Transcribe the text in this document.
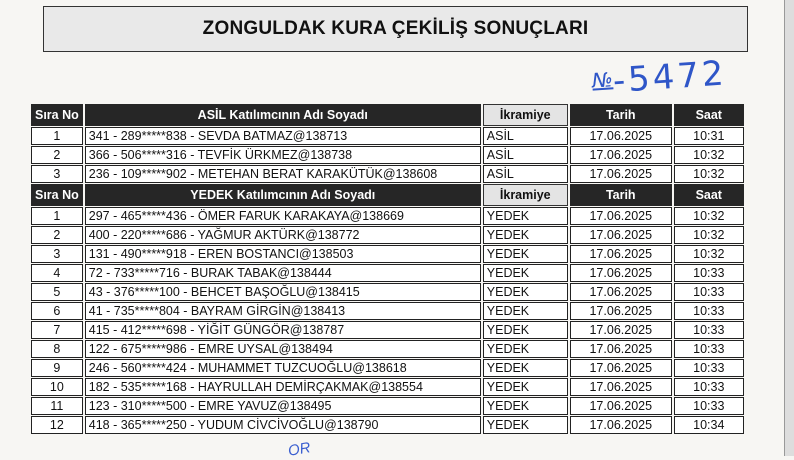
ZONGULDAK KURA ÇEKİLİŞ SONUÇLARI
№-5472
Sıra No	ASİL Katılımcının Adı Soyadı	İkramiye	Tarih	Saat
1	341 - 289*****838 - SEVDA BATMAZ@138713	ASİL	17.06.2025	10:31
2	366 - 506*****316 - TEVFİK ÜRKMEZ@138738	ASİL	17.06.2025	10:32
3	236 - 109*****902 - METEHAN BERAT KARAKÜTÜK@138608	ASİL	17.06.2025	10:32
Sıra No	YEDEK Katılımcının Adı Soyadı	İkramiye	Tarih	Saat
1	297 - 465*****436 - ÖMER FARUK KARAKAYA@138669	YEDEK	17.06.2025	10:32
2	400 - 220*****686 - YAĞMUR AKTÜRK@138772	YEDEK	17.06.2025	10:32
3	131 - 490*****918 - EREN BOSTANCI@138503	YEDEK	17.06.2025	10:32
4	72 - 733*****716 - BURAK TABAK@138444	YEDEK	17.06.2025	10:33
5	43 - 376*****100 - BEHCET BAŞOĞLU@138415	YEDEK	17.06.2025	10:33
6	41 - 735*****804 - BAYRAM GİRGİN@138413	YEDEK	17.06.2025	10:33
7	415 - 412*****698 - YİĞİT GÜNGÖR@138787	YEDEK	17.06.2025	10:33
8	122 - 675*****986 - EMRE UYSAL@138494	YEDEK	17.06.2025	10:33
9	246 - 560*****424 - MUHAMMET TUZCUOĞLU@138618	YEDEK	17.06.2025	10:33
10	182 - 535*****168 - HAYRULLAH DEMİRÇAKMAK@138554	YEDEK	17.06.2025	10:33
11	123 - 310*****500 - EMRE YAVUZ@138495	YEDEK	17.06.2025	10:33
12	418 - 365*****250 - YUDUM CİVCİVOĞLU@138790	YEDEK	17.06.2025	10:34
OR
